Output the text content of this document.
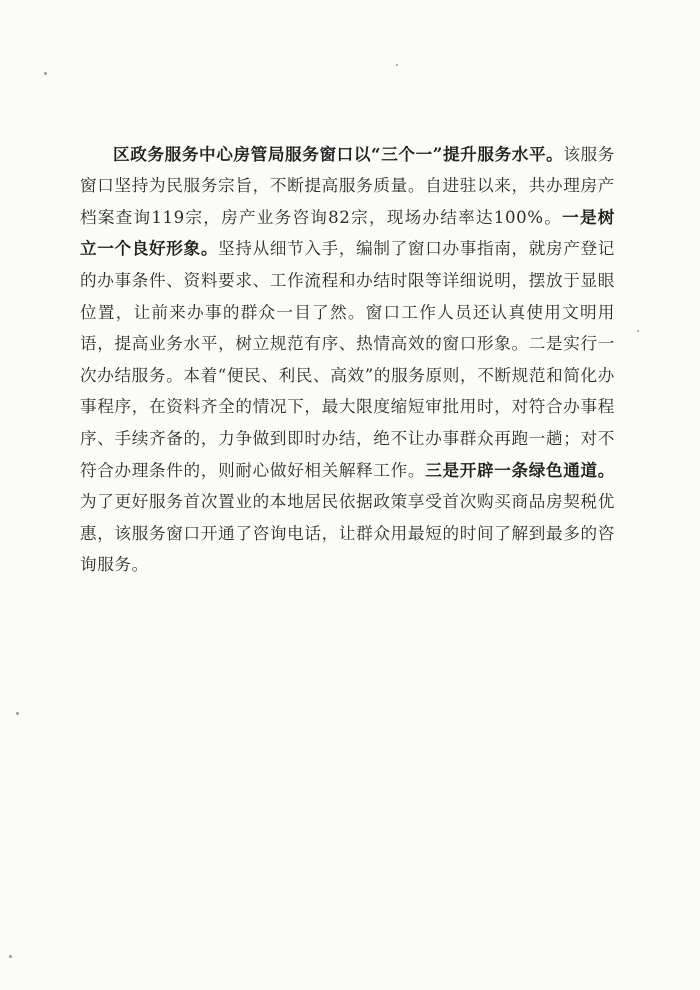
区政务服务中心房管局服务窗口以“三个一”提升服务水平。该服务窗口坚持为民服务宗旨，不断提高服务质量。自进驻以来，共办理房产档案查询119宗，房产业务咨询82宗，现场办结率达100%。一是树立一个良好形象。坚持从细节入手，编制了窗口办事指南，就房产登记的办事条件、资料要求、工作流程和办结时限等详细说明，摆放于显眼位置，让前来办事的群众一目了然。窗口工作人员还认真使用文明用语，提高业务水平，树立规范有序、热情高效的窗口形象。二是实行一次办结服务。本着“便民、利民、高效”的服务原则，不断规范和简化办事程序，在资料齐全的情况下，最大限度缩短审批用时，对符合办事程序、手续齐备的，力争做到即时办结，绝不让办事群众再跑一趟；对不符合办理条件的，则耐心做好相关解释工作。三是开辟一条绿色通道。为了更好服务首次置业的本地居民依据政策享受首次购买商品房契税优惠，该服务窗口开通了咨询电话，让群众用最短的时间了解到最多的咨询服务。
